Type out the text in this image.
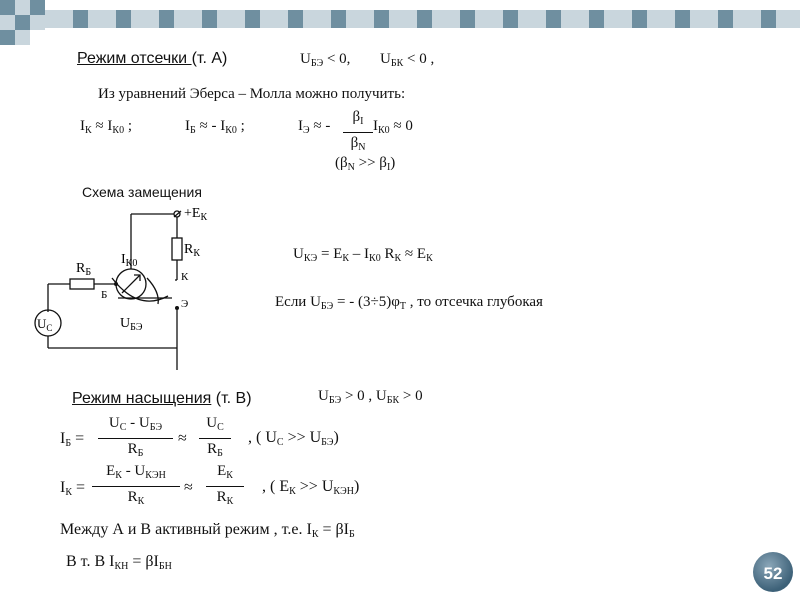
Режим отсечки (т. А)	$U_{БЭ} < 0$, $U_{БК} < 0$ ,
Из уравнений Эберса – Молла можно получить:
$I_К \approx I_{К0}$ ;	$I_Б$ ≈ - $I_{К0}$ ;	$I_Э$ ≈ -
$\beta_I$
$\beta_N$
$I_{К0} \approx 0$
$(\beta_N >> \beta_I)$
Схема замещения
$+E_К$
$R_К$
$I_{К0}$
$R_Б$	К
Б
Э
$U_С$	$U_{БЭ}$
$U_{КЭ} = E_К - I_{К0}$ $R_К \approx E_К$
Если $U_{БЭ}$ = - $(3\div 5)\varphi_Т$ , то отсечка глубокая
Режим насыщения (т. В)	$U_{БЭ} > 0$ , $U_{БК} > 0$
$I_Б$ =
$U_С - U_{БЭ}$
$R_Б$
≈
$U_C$
$R_Б$
, ( $U_С >> U_{БЭ}$)
$I_К$ =
$E_К - U_{КЭН}$
$R_К$
≈
$E_К$
$R_К$
, ( $E_К >> U_{КЭН}$)
Между А и В активный режим , т.е. $I_К = \beta I_Б$
В т. В $I_{КН} = \beta I_{БН}$	52
